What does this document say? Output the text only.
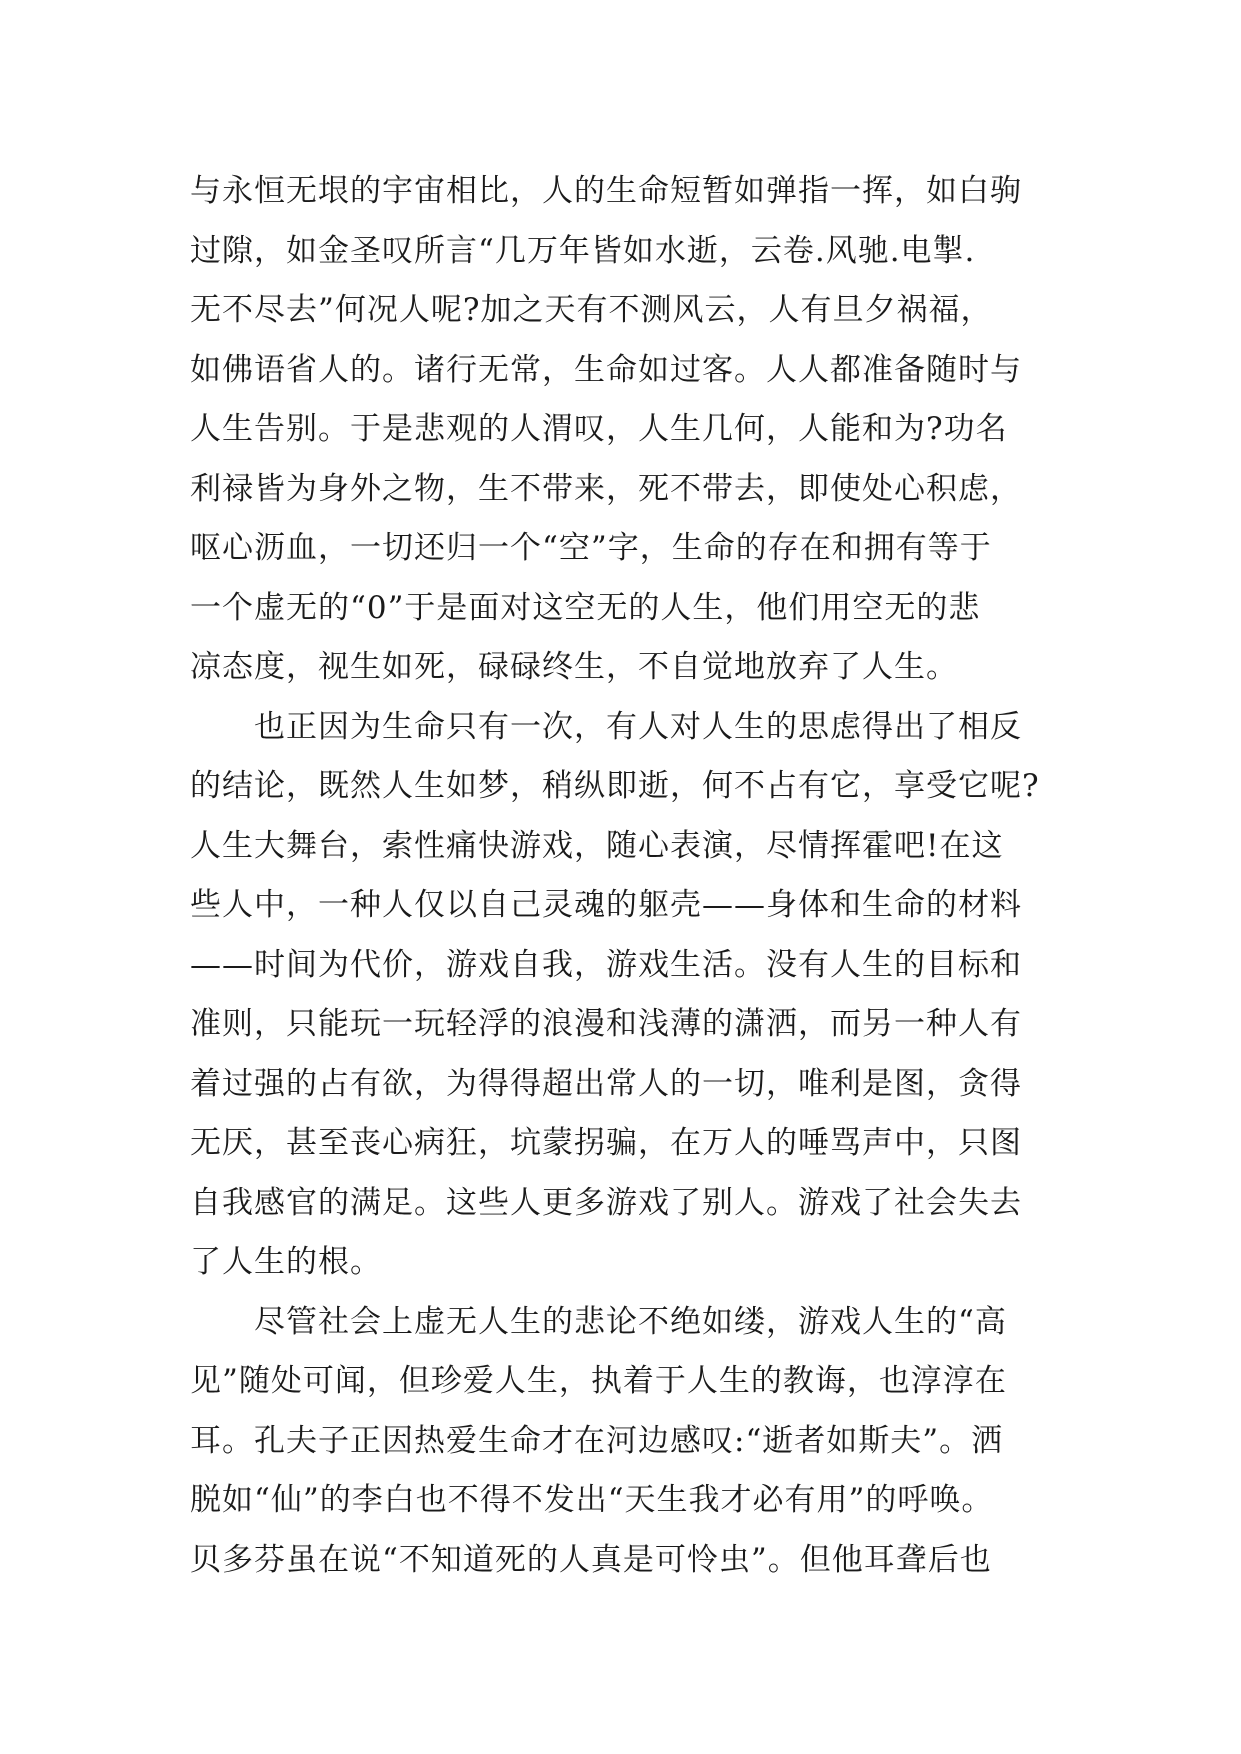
与永恒无垠的宇宙相比，人的生命短暂如弹指一挥，如白驹
过隙，如金圣叹所言“几万年皆如水逝，云卷.风驰.电掣.
无不尽去”何况人呢?加之天有不测风云，人有旦夕祸福，
如佛语省人的。诸行无常，生命如过客。人人都准备随时与
人生告别。于是悲观的人渭叹，人生几何，人能和为?功名
利禄皆为身外之物，生不带来，死不带去，即使处心积虑，
呕心沥血，一切还归一个“空”字，生命的存在和拥有等于
一个虚无的“0”于是面对这空无的人生，他们用空无的悲
凉态度，视生如死，碌碌终生，不自觉地放弃了人生。
也正因为生命只有一次，有人对人生的思虑得出了相反
的结论，既然人生如梦，稍纵即逝，何不占有它，享受它呢?
人生大舞台，索性痛快游戏，随心表演，尽情挥霍吧!在这
些人中，一种人仅以自己灵魂的躯壳——身体和生命的材料
——时间为代价，游戏自我，游戏生活。没有人生的目标和
准则，只能玩一玩轻浮的浪漫和浅薄的潇洒，而另一种人有
着过强的占有欲，为得得超出常人的一切，唯利是图，贪得
无厌，甚至丧心病狂，坑蒙拐骗，在万人的唾骂声中，只图
自我感官的满足。这些人更多游戏了别人。游戏了社会失去
了人生的根。
尽管社会上虚无人生的悲论不绝如缕，游戏人生的“高
见”随处可闻，但珍爱人生，执着于人生的教诲，也淳淳在
耳。孔夫子正因热爱生命才在河边感叹:“逝者如斯夫”。洒
脱如“仙”的李白也不得不发出“天生我才必有用”的呼唤。
贝多芬虽在说“不知道死的人真是可怜虫”。但他耳聋后也
